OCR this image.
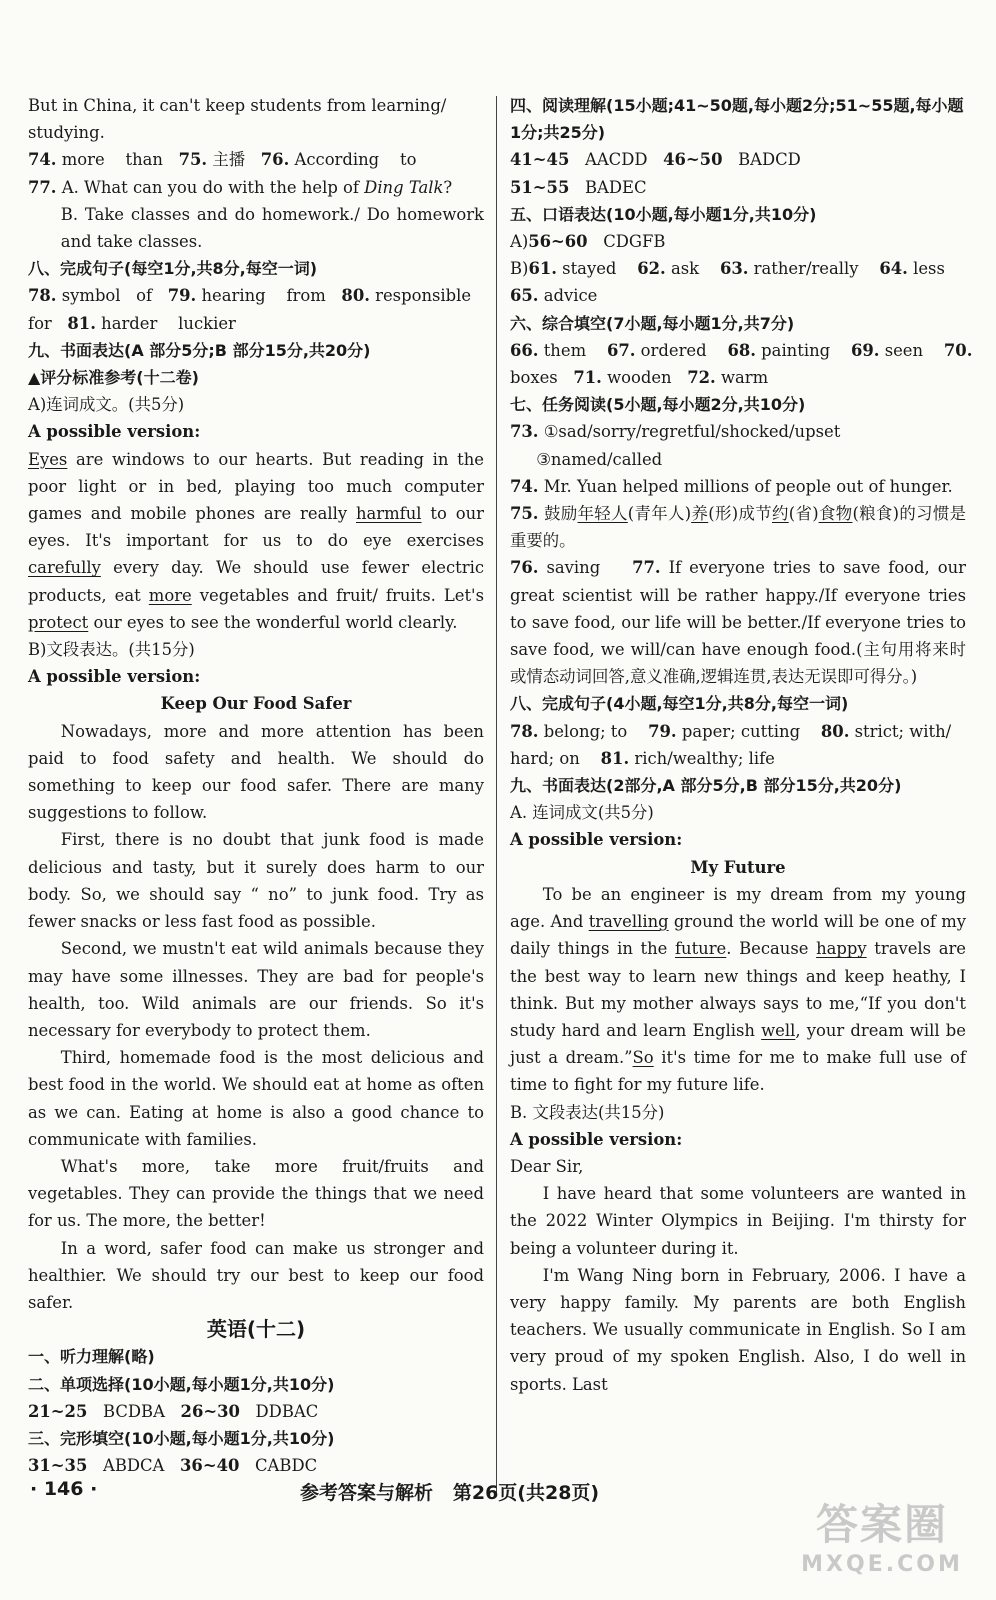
But in China, it can't keep students from learning/
studying.

74. more    than   75. 主播   76. According    to

77. A. What can you do with the help of Ding Talk?

B. Take classes and do homework./ Do homework and take classes.

八、完成句子(每空1分,共8分,每空一词)

78. symbol   of   79. hearing    from   80. responsible

for   81. harder    luckier

九、书面表达(A 部分5分;B 部分15分,共20分)

▲评分标准参考(十二卷)

A)连词成文。(共5分)

A possible version:

Eyes are windows to our hearts. But reading in the poor light or in bed, playing too much computer games and mobile phones are really harmful to our eyes. It's important for us to do eye exercises carefully every day. We should use fewer electric products, eat more vegetables and fruit/ fruits. Let's protect our eyes to see the wonderful world clearly.

B)文段表达。(共15分)

A possible version:

Keep Our Food Safer

Nowadays, more and more attention has been paid to food safety and health. We should do something to keep our food safer. There are many suggestions to follow.

First, there is no doubt that junk food is made delicious and tasty, but it surely does harm to our body. So, we should say “ no” to junk food. Try as fewer snacks or less fast food as possible.

Second, we mustn't eat wild animals because they may have some illnesses. They are bad for people's health, too. Wild animals are our friends. So it's necessary for everybody to protect them.

Third, homemade food is the most delicious and best food in the world. We should eat at home as often as we can. Eating at home is also a good chance to communicate with families.

What's more, take more fruit/fruits and vegetables. They can provide the things that we need for us. The more, the better!

In a word, safer food can make us stronger and healthier. We should try our best to keep our food safer.

英语(十二)

一、听力理解(略)

二、单项选择(10小题,每小题1分,共10分)

21~25   BCDBA   26~30   DDBAC

三、完形填空(10小题,每小题1分,共10分)

31~35   ABDCA   36~40   CABDC

四、阅读理解(15小题;41~50题,每小题2分;51~55题,每小题1分;共25分)

41~45   AACDD   46~50   BADCD

51~55   BADEC

五、口语表达(10小题,每小题1分,共10分)

A)56~60   CDGFB

B)61. stayed    62. ask    63. rather/really    64. less

65. advice

六、综合填空(7小题,每小题1分,共7分)

66. them    67. ordered    68. painting    69. seen    70.

boxes   71. wooden   72. warm

七、任务阅读(5小题,每小题2分,共10分)

73. ①sad/sorry/regretful/shocked/upset

③named/called

74. Mr. Yuan helped millions of people out of hunger.

75. 鼓励年轻人(青年人)养(形)成节约(省)食物(粮食)的习惯是重要的。

76. saving    77. If everyone tries to save food, our great scientist will be rather happy./If everyone tries to save food, our life will be better./If everyone tries to save food, we will/can have enough food.(主句用将来时或情态动词回答,意义准确,逻辑连贯,表达无误即可得分。)

八、完成句子(4小题,每空1分,共8分,每空一词)

78. belong; to    79. paper; cutting    80. strict; with/

hard; on    81. rich/wealthy; life

九、书面表达(2部分,A 部分5分,B 部分15分,共20分)

A. 连词成文(共5分)

A possible version:

My Future

To be an engineer is my dream from my young age. And travelling ground the world will be one of my daily things in the future. Because happy travels are the best way to learn new things and keep heathy, I think. But my mother always says to me,“If you don't study hard and learn English well, your dream will be just a dream.”So it's time for me to make full use of time to fight for my future life.

B. 文段表达(共15分)

A possible version:

Dear Sir,

I have heard that some volunteers are wanted in the 2022 Winter Olympics in Beijing. I'm thirsty for being a volunteer during it.

I'm Wang Ning born in February, 2006. I have a very happy family. My parents are both English teachers. We usually communicate in English. So I am very proud of my spoken English. Also, I do well in sports. Last

· 146 ·	参考答案与解析   第26页(共28页)
答案圈
MXQE.COM
